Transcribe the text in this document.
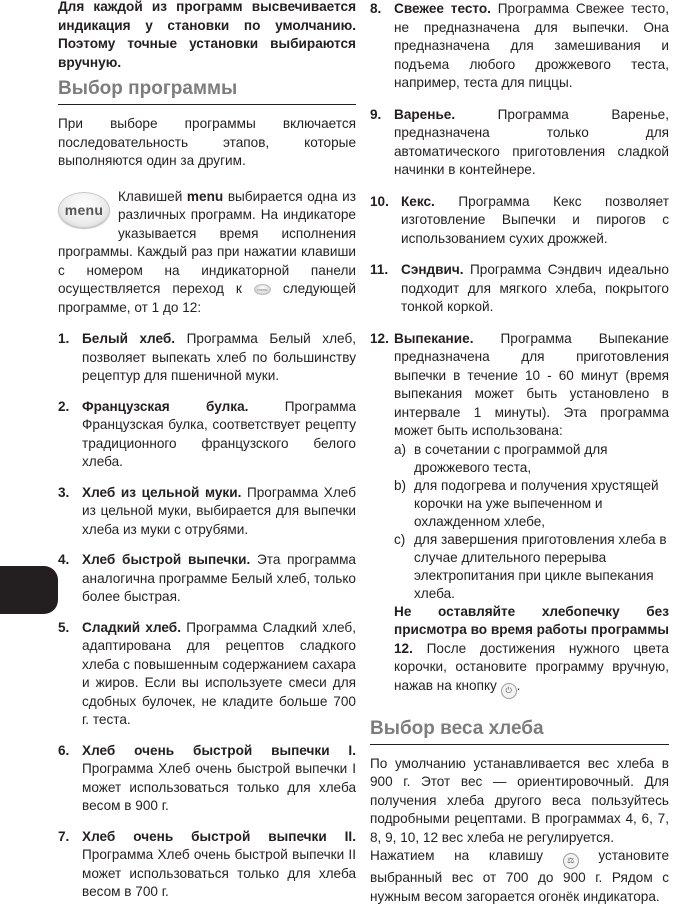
Для каждой из программ высвечивается индикация у становки по умолчанию. Поэтому точные установки выбираются вручную.

Выбор программы

При выборе программы включается последовательность этапов, которые выполняются один за другим.

menu

Клавишей menu выбирается одна из различных программ. На индикаторе указывается время исполнения программы. Каждый раз при нажатии клавиши с номером на индикаторной панели осуществляется переход к menu следующей программе, от 1 до 12:

1. Белый хлеб. Программа Белый хлеб, позволяет выпекать хлеб по большинству рецептур для пшеничной муки.

2. Французская булка. Программа Французская булка, соответствует рецепту традиционного французского белого хлеба.

3. Хлеб из цельной муки. Программа Хлеб из цельной муки, выбирается для выпечки хлеба из муки с отрубями.

4. Хлеб быстрой выпечки. Эта программа аналогична программе Белый хлеб, только более быстрая.

5. Сладкий хлеб. Программа Сладкий хлеб, адаптирована для рецептов сладкого хлеба с повышенным содержанием сахара и жиров. Если вы используете смеси для сдобных булочек, не кладите больше 700 г. теста.

6. Хлеб очень быстрой выпечки I. Программа Хлеб очень быстрой выпечки I может использоваться только для хлеба весом в 900 г.

7. Хлеб очень быстрой выпечки II. Программа Хлеб очень быстрой выпечки II может использоваться только для хлеба весом в 700 г.

8. Свежее тесто. Программа Свежее тесто, не предназначена для выпечки. Она предназначена для замешивания и подъема любого дрожжевого теста, например, теста для пиццы.

9. Варенье. Программа Варенье, предназначена только для автоматического приготовления сладкой начинки в контейнере.

10. Кекс. Программа Кекс позволяет изготовление Выпечки и пирогов с использованием сухих дрожжей.

11. Сэндвич. Программа Сэндвич идеально подходит для мягкого хлеба, покрытого тонкой коркой.

12. Выпекание. Программа Выпекание предназначена для приготовления выпечки в течение 10 - 60 минут (время выпекания может быть установлено в интервале 1 минуты). Эта программа может быть использована:

a) в сочетании с программой для дрожжевого теста,
b) для подогрева и получения хрустящей корочки на уже выпеченном и охлажденном хлебе,
c) для завершения приготовления хлеба в случае длительного перерыва электропитания при цикле выпекания хлеба.

Не оставляйте хлебопечку без присмотра во время работы программы 12. После достижения нужного цвета корочки, остановите программу вручную, нажав на кнопку ⏻ .

Выбор веса хлеба

По умолчанию устанавливается вес хлеба в 900 г. Этот вес — ориентировочный. Для получения хлеба другого веса пользуйтесь подробными рецептами. В программах 4, 6, 7, 8, 9, 10, 12 вес хлеба не регулируется.

Нажатием на клавишу ⚖ установите выбранный вес от 700 до 900 г. Рядом с нужным весом загорается огонёк индикатора.
